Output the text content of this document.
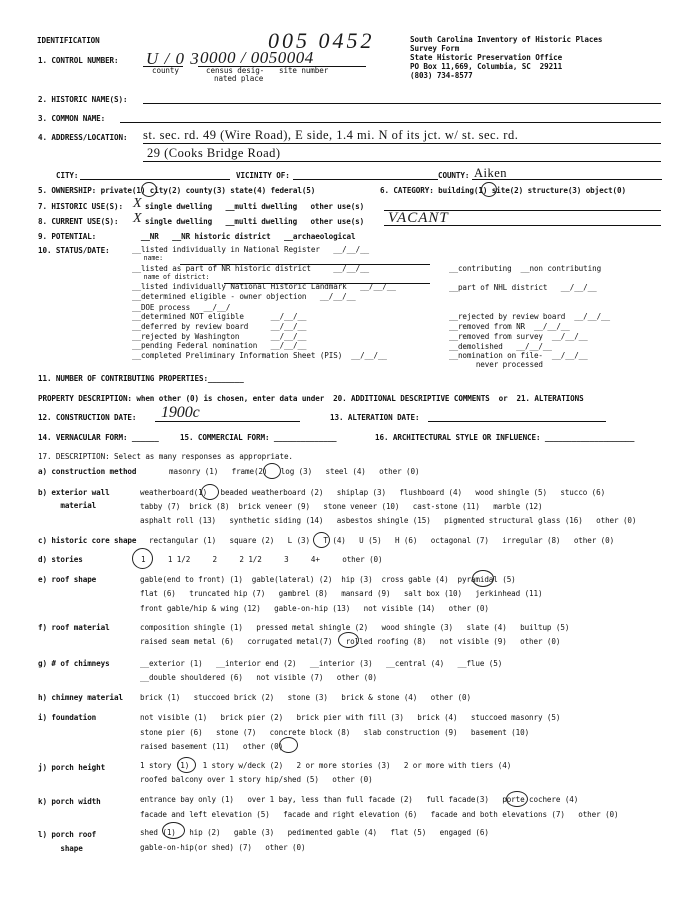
IDENTIFICATION	005 0452	South Carolina Inventory of Historic Places
Survey Form
State Historic Preservation Office
PO Box 11,669, Columbia, SC  29211
(803) 734-8577
1. CONTROL NUMBER: U / 0 3 0000 / 0050004
county	census desig-
nated place
site number
2. HISTORIC NAME(S):
3. COMMON NAME:
4. ADDRESS/LOCATION: st. sec. rd. 49 (Wire Road), E side, 1.4 mi. N of its jct. w/ st. sec. rd.
29 (Cooks Bridge Road)
CITY:	VICINITY OF:	COUNTY: Aiken
5. OWNERSHIP: private(1) city(2) county(3) state(4) federal(5)	6. CATEGORY: building(1) site(2) structure(3) object(0)
7. HISTORIC USE(S): X single dwelling   __multi dwelling   other use(s)
8. CURRENT USE(S): X single dwelling   __multi dwelling   other use(s) VACANT
9. POTENTIAL:          __NR   __NR historic district   __archaeological
10. STATUS/DATE:	__listed individually in National Register   __/__/__
name:
__listed as part of NR historic district     __/__/__
name of district:
__listed individually National Historic Landmark   __/__/__
__determined eligible - owner objection   __/__/__
__DOE process   __/__/
__determined NOT eligible      __/__/__
__deferred by review board     __/__/__
__rejected by Washington       __/__/__
__pending Federal nomination   __/__/__
__completed Preliminary Information Sheet (PIS)  __/__/__
__contributing  __non contributing
__part of NHL district   __/__/__
__rejected by review board  __/__/__
__removed from NR  __/__/__
__removed from survey  __/__/__
__demolished   __/__/__
__nomination on file-  __/__/__
never processed
11. NUMBER OF CONTRIBUTING PROPERTIES:________
PROPERTY DESCRIPTION: when other (0) is chosen, enter data under  20. ADDITIONAL DESCRIPTIVE COMMENTS  or  21. ALTERATIONS
12. CONSTRUCTION DATE: 1900c	13. ALTERATION DATE:
14. VERNACULAR FORM: ______	15. COMMERCIAL FORM: ______________	16. ARCHITECTURAL STYLE OR INFLUENCE: ____________________
17. DESCRIPTION: Select as many responses as appropriate.
a) construction method	masonry (1)   frame(2)   log (3)   steel (4)   other (0)
b) exterior wall
material
weatherboard(1)   beaded weatherboard (2)   shiplap (3)   flushboard (4)   wood shingle (5)   stucco (6)
tabby (7)  brick (8)  brick veneer (9)   stone veneer (10)   cast-stone (11)   marble (12)
asphalt roll (13)   synthetic siding (14)   asbestos shingle (15)   pigmented structural glass (16)   other (0)
c) historic core shape rectangular (1)   square (2)   L (3)   T (4)   U (5)   H (6)   octagonal (7)   irregular (8)   other (0)
d) stories	1     1 1/2     2     2 1/2     3     4+     other (0)
e) roof shape	gable(end to front) (1)  gable(lateral) (2)  hip (3)  cross gable (4)  pyramidal (5)
flat (6)   truncated hip (7)   gambrel (8)   mansard (9)   salt box (10)   jerkinhead (11)
front gable/hip & wing (12)   gable-on-hip (13)   not visible (14)   other (0)
f) roof material	composition shingle (1)   pressed metal shingle (2)   wood shingle (3)   slate (4)   builtup (5)
raised seam metal (6)   corrugated metal(7)   rolled roofing (8)   not visible (9)   other (0)
g) # of chimneys	__exterior (1)   __interior end (2)   __interior (3)   __central (4)   __flue (5)
__double shouldered (6)   not visible (7)   other (0)
h) chimney material brick (1)   stuccoed brick (2)   stone (3)   brick & stone (4)   other (0)
i) foundation	not visible (1)   brick pier (2)   brick pier with fill (3)   brick (4)   stuccoed masonry (5)
stone pier (6)   stone (7)   concrete block (8)   slab construction (9)   basement (10)
raised basement (11)   other (0)
j) porch height	1 story (1)   1 story w/deck (2)   2 or more stories (3)   2 or more with tiers (4)
roofed balcony over 1 story hip/shed (5)   other (0)
k) porch width	entrance bay only (1)   over 1 bay, less than full facade (2)   full facade(3)   porte cochere (4)
facade and left elevation (5)   facade and right elevation (6)   facade and both elevations (7)   other (0)
l) porch roof
shape
shed (1)   hip (2)   gable (3)   pedimented gable (4)   flat (5)   engaged (6)
gable-on-hip(or shed) (7)   other (0)
